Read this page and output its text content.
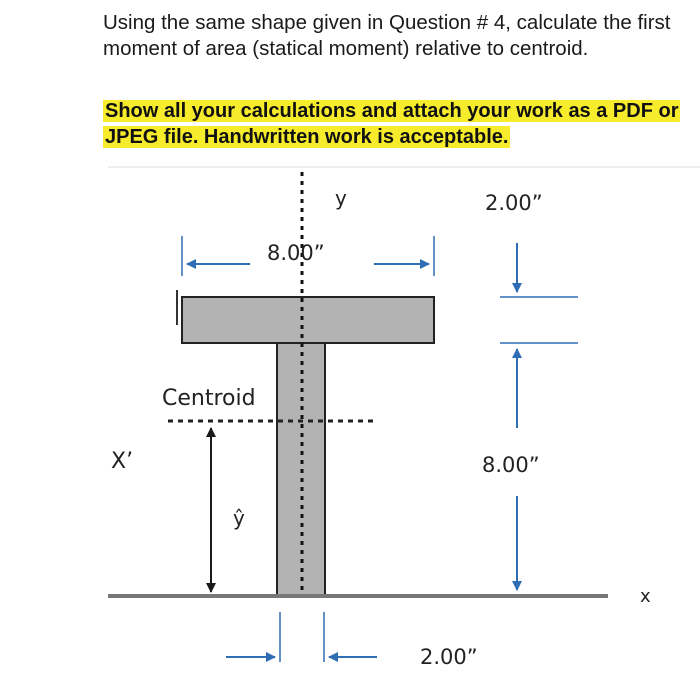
Using the same shape given in Question # 4, calculate the first moment of area (statical moment) relative to centroid.

Show all your calculations and attach your work as a PDF or JPEG file. Handwritten work is acceptable.

y
Centroid
ŷ
X’
x
8.00”
2.00”
8.00”
2.00”
